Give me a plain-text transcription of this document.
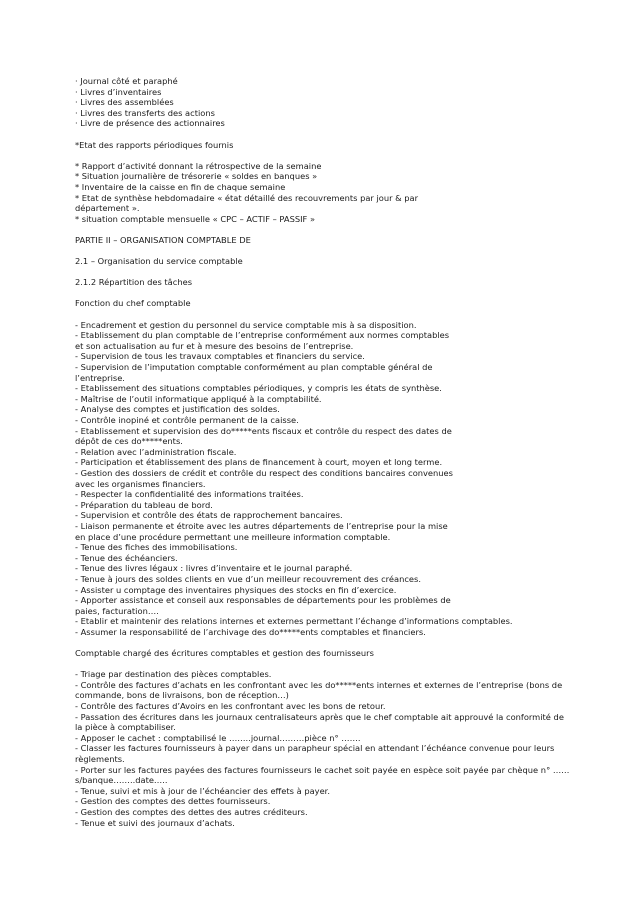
· Journal côté et paraphé
· Livres d’inventaires
· Livres des assemblées
· Livres des transferts des actions
· Livre de présence des actionnaires
*Etat des rapports périodiques fournis
* Rapport d’activité donnant la rétrospective de la semaine
* Situation journalière de trésorerie « soldes en banques »
* Inventaire de la caisse en fin de chaque semaine
* Etat de synthèse hebdomadaire « état détaillé des recouvrements par jour & par
département ».
* situation comptable mensuelle « CPC – ACTIF – PASSIF »
PARTIE II – ORGANISATION COMPTABLE DE
2.1 – Organisation du service comptable
2.1.2 Répartition des tâches
Fonction du chef comptable
- Encadrement et gestion du personnel du service comptable mis à sa disposition.
- Etablissement du plan comptable de l’entreprise conformément aux normes comptables
et son actualisation au fur et à mesure des besoins de l’entreprise.
- Supervision de tous les travaux comptables et financiers du service.
- Supervision de l’imputation comptable conformément au plan comptable général de
l’entreprise.
- Etablissement des situations comptables périodiques, y compris les états de synthèse.
- Maîtrise de l’outil informatique appliqué à la comptabilité.
- Analyse des comptes et justification des soldes.
- Contrôle inopiné et contrôle permanent de la caisse.
- Etablissement et supervision des do*****ents fiscaux et contrôle du respect des dates de
dépôt de ces do*****ents.
- Relation avec l’administration fiscale.
- Participation et établissement des plans de financement à court, moyen et long terme.
- Gestion des dossiers de crédit et contrôle du respect des conditions bancaires convenues
avec les organismes financiers.
- Respecter la confidentialité des informations traitées.
- Préparation du tableau de bord.
- Supervision et contrôle des états de rapprochement bancaires.
- Liaison permanente et étroite avec les autres départements de l’entreprise pour la mise
en place d’une procédure permettant une meilleure information comptable.
- Tenue des fiches des immobilisations.
- Tenue des échéanciers.
- Tenue des livres légaux : livres d’inventaire et le journal paraphé.
- Tenue à jours des soldes clients en vue d’un meilleur recouvrement des créances.
- Assister u comptage des inventaires physiques des stocks en fin d’exercice.
- Apporter assistance et conseil aux responsables de départements pour les problèmes de
paies, facturation….
- Etablir et maintenir des relations internes et externes permettant l’échange d’informations comptables.
- Assumer la responsabilité de l’archivage des do*****ents comptables et financiers.
Comptable chargé des écritures comptables et gestion des fournisseurs
- Triage par destination des pièces comptables.
- Contrôle des factures d’achats en les confrontant avec les do*****ents internes et externes de l’entreprise (bons de
commande, bons de livraisons, bon de réception…)
- Contrôle des factures d’Avoirs en les confrontant avec les bons de retour.
- Passation des écritures dans les journaux centralisateurs après que le chef comptable ait approuvé la conformité de
la pièce à comptabiliser.
- Apposer le cachet : comptabilisé le ……..journal………pièce n° …….
- Classer les factures fournisseurs à payer dans un parapheur spécial en attendant l’échéance convenue pour leurs
règlements.
- Porter sur les factures payées des factures fournisseurs le cachet soit payée en espèce soit payée par chèque n° ……
s/banque……..date…..
- Tenue, suivi et mis à jour de l’échéancier des effets à payer.
- Gestion des comptes des dettes fournisseurs.
- Gestion des comptes des dettes des autres créditeurs.
- Tenue et suivi des journaux d’achats.
